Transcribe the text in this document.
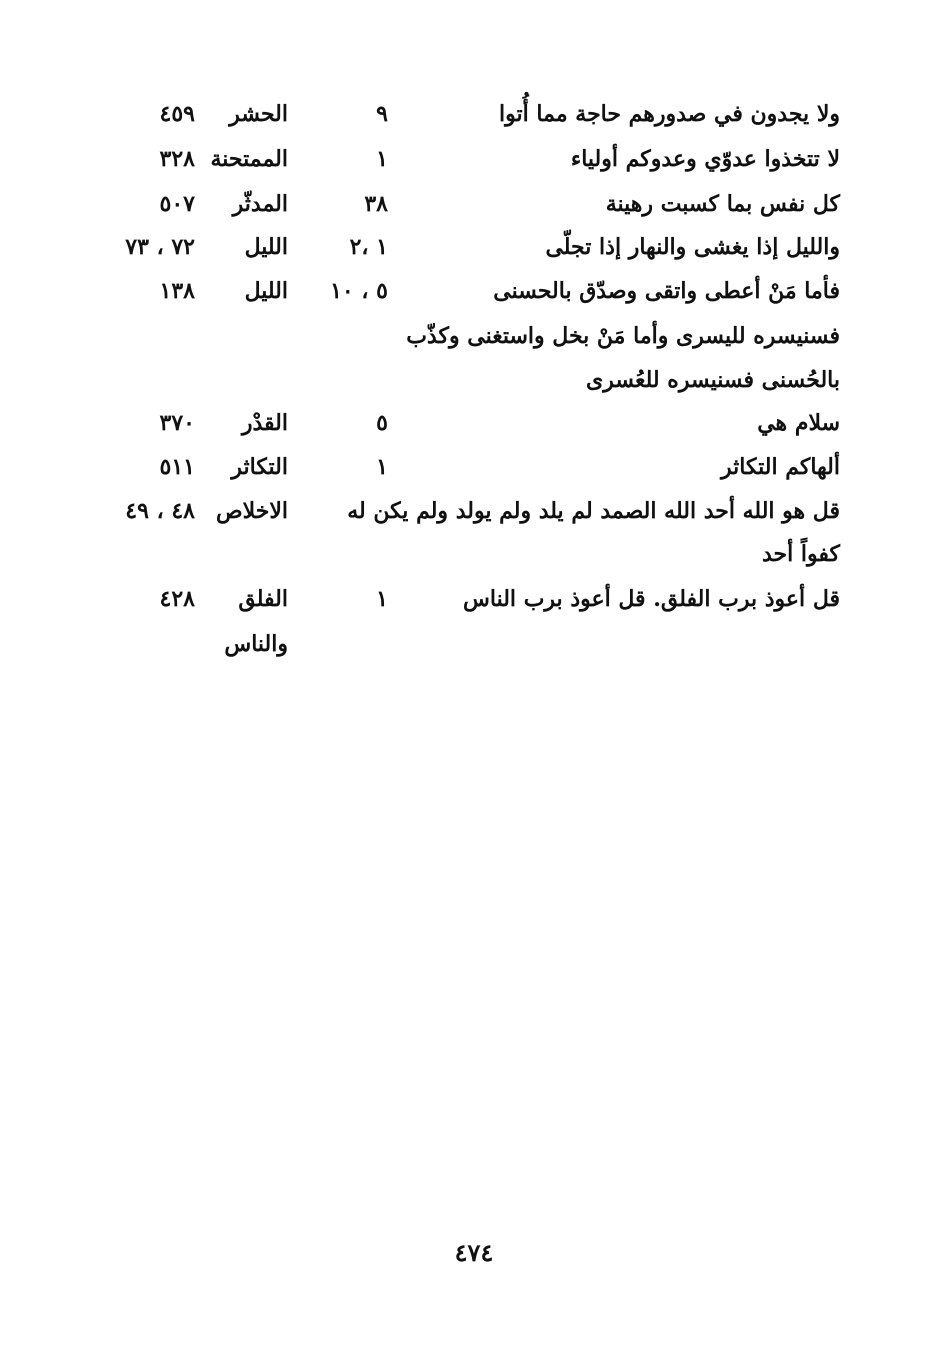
ولا يجدون في صدورهم حاجة مما أُتوا
٩
الحشر
٤٥٩
لا تتخذوا عدوّي وعدوكم أولياء
١
الممتحنة
٣٢٨
كل نفس بما كسبت رهينة
٣٨
المدثّر
٥٠٧
والليل إذا يغشى والنهار إذا تجلّى
١ ،٢
الليل
٧٢ ، ٧٣
فأما مَنْ أعطى واتقى وصدّق بالحسنى
٥ ، ١٠
الليل
١٣٨
فسنيسره لليسرى وأما مَنْ بخل واستغنى وكذّب
بالحُسنى فسنيسره للعُسرى
سلام هي
٥
القدْر
٣٧٠
ألهاكم التكاثر
١
التكاثر
٥١١
قل هو الله أحد الله الصمد لم يلد ولم يولد ولم يكن له
الاخلاص
٤٨ ، ٤٩
كفواً أحد
قل أعوذ برب الفلق. قل أعوذ برب الناس
١
الفلق
٤٢٨
والناس
٤٧٤
